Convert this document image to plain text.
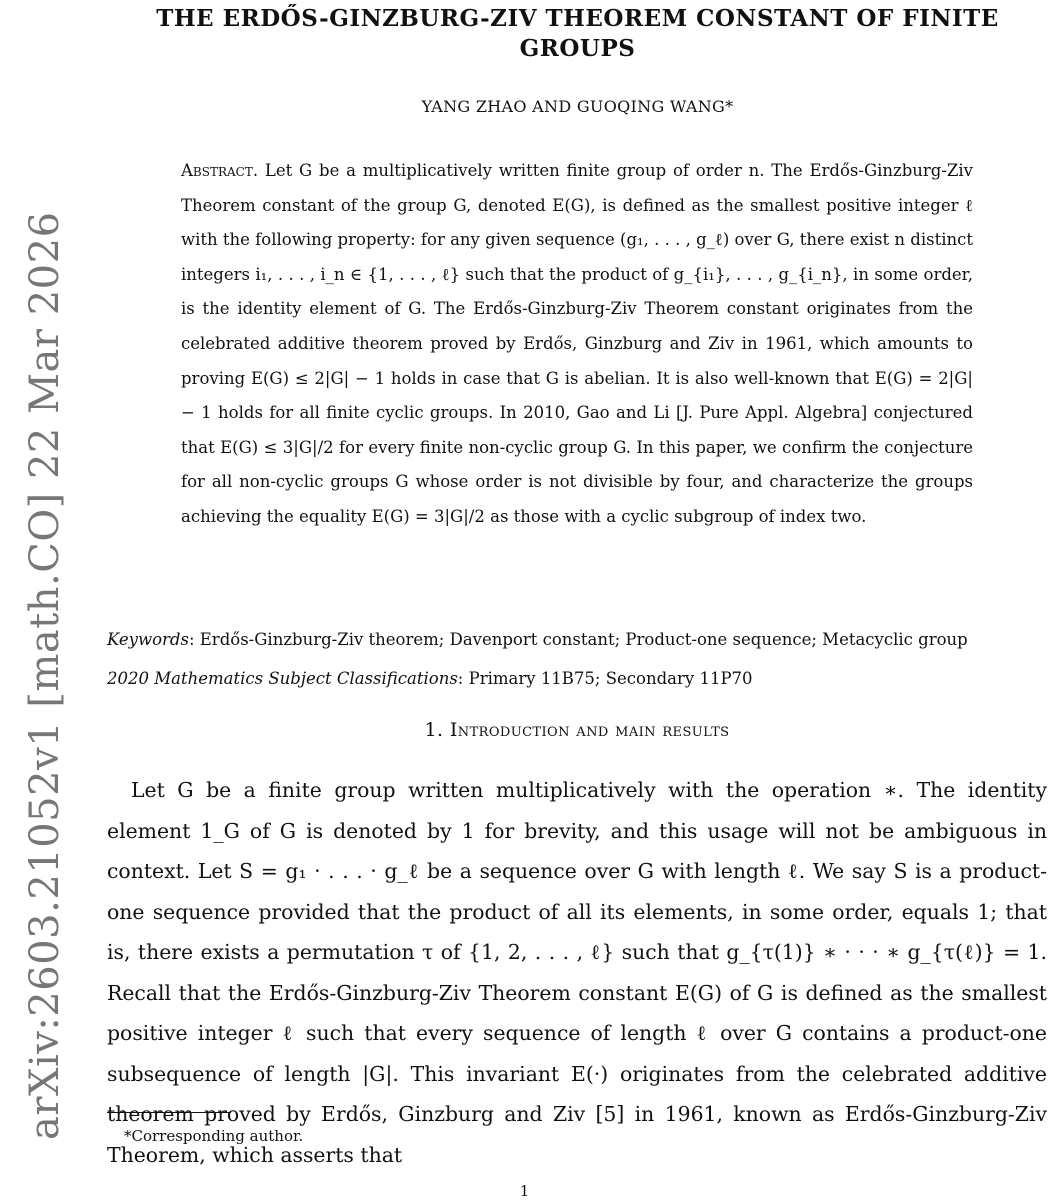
arXiv:2603.21052v1 [math.CO] 22 Mar 2026
THE ERDŐS-GINZBURG-ZIV THEOREM CONSTANT OF FINITE GROUPS
YANG ZHAO AND GUOQING WANG*
Abstract. Let G be a multiplicatively written finite group of order n. The Erdős-Ginzburg-Ziv Theorem constant of the group G, denoted E(G), is defined as the smallest positive integer ℓ with the following property: for any given sequence (g₁, . . . , g_ℓ) over G, there exist n distinct integers i₁, . . . , i_n ∈ {1, . . . , ℓ} such that the product of g_{i₁}, . . . , g_{i_n}, in some order, is the identity element of G. The Erdős-Ginzburg-Ziv Theorem constant originates from the celebrated additive theorem proved by Erdős, Ginzburg and Ziv in 1961, which amounts to proving E(G) ≤ 2|G| − 1 holds in case that G is abelian. It is also well-known that E(G) = 2|G| − 1 holds for all finite cyclic groups. In 2010, Gao and Li [J. Pure Appl. Algebra] conjectured that E(G) ≤ 3|G|/2 for every finite non-cyclic group G. In this paper, we confirm the conjecture for all non-cyclic groups G whose order is not divisible by four, and characterize the groups achieving the equality E(G) = 3|G|/2 as those with a cyclic subgroup of index two.
Keywords: Erdős-Ginzburg-Ziv theorem; Davenport constant; Product-one sequence; Metacyclic group
2020 Mathematics Subject Classifications: Primary 11B75; Secondary 11P70
1. Introduction and main results

Let G be a finite group written multiplicatively with the operation ∗. The identity element 1_G of G is denoted by 1 for brevity, and this usage will not be ambiguous in context. Let S = g₁ · . . . · g_ℓ be a sequence over G with length ℓ. We say S is a product-one sequence provided that the product of all its elements, in some order, equals 1; that is, there exists a permutation τ of {1, 2, . . . , ℓ} such that g_{τ(1)} ∗ · · · ∗ g_{τ(ℓ)} = 1. Recall that the Erdős-Ginzburg-Ziv Theorem constant E(G) of G is defined as the smallest positive integer ℓ such that every sequence of length ℓ over G contains a product-one subsequence of length |G|. This invariant E(·) originates from the celebrated additive theorem proved by Erdős, Ginzburg and Ziv [5] in 1961, known as Erdős-Ginzburg-Ziv Theorem, which asserts that

*Corresponding author.
1
